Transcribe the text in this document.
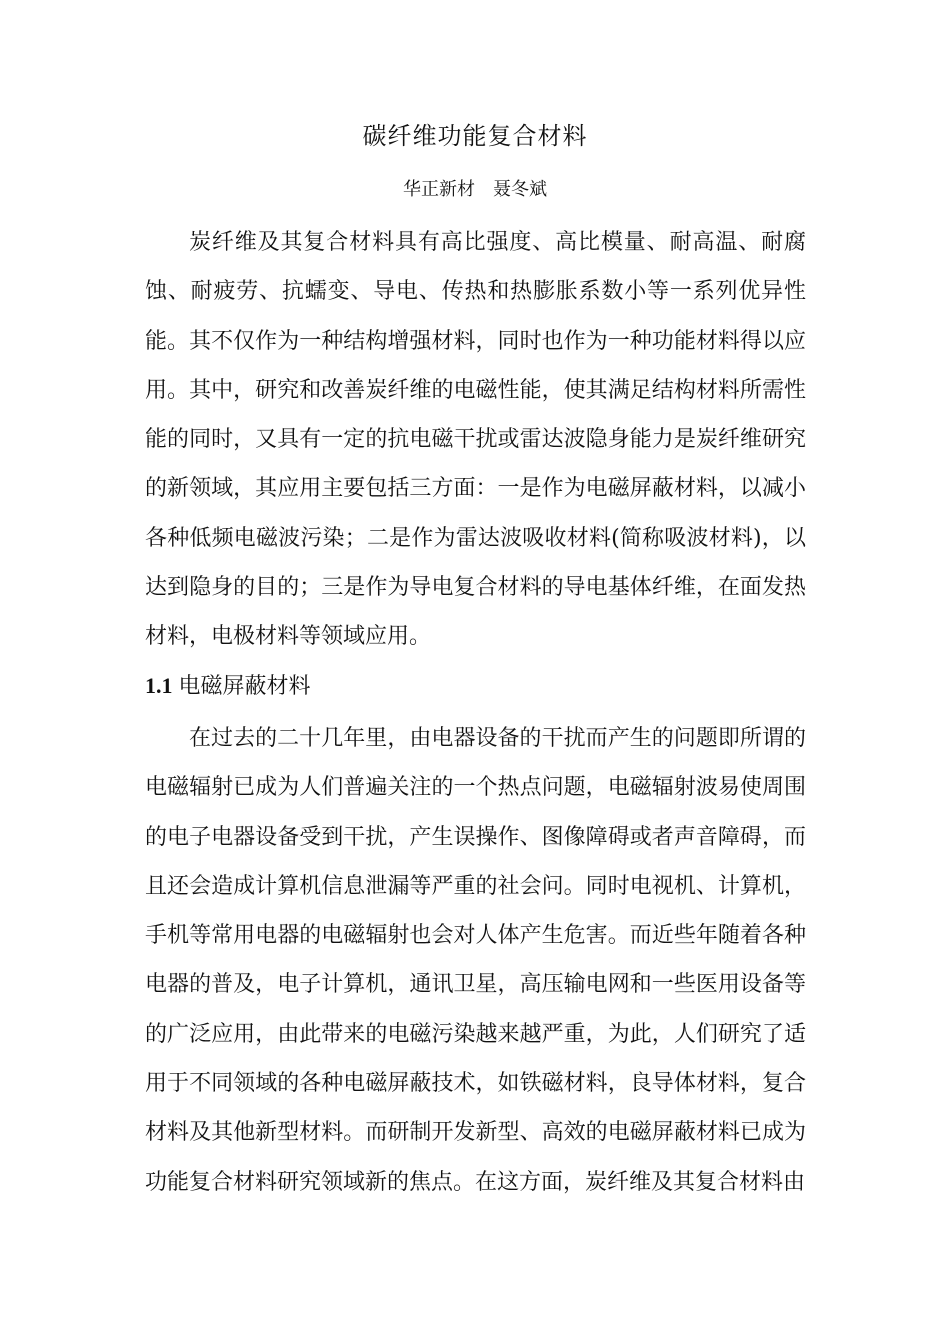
碳纤维功能复合材料
华正新材　聂冬斌

炭纤维及其复合材料具有高比强度、高比模量、耐高温、耐腐蚀、耐疲劳、抗蠕变、导电、传热和热膨胀系数小等一系列优异性能。其不仅作为一种结构增强材料，同时也作为一种功能材料得以应用。其中，研究和改善炭纤维的电磁性能，使其满足结构材料所需性能的同时，又具有一定的抗电磁干扰或雷达波隐身能力是炭纤维研究的新领域，其应用主要包括三方面：一是作为电磁屏蔽材料，以减小各种低频电磁波污染；二是作为雷达波吸收材料(简称吸波材料)，以达到隐身的目的；三是作为导电复合材料的导电基体纤维，在面发热材料，电极材料等领域应用。

1.1 电磁屏蔽材料

在过去的二十几年里，由电器设备的干扰而产生的问题即所谓的电磁辐射已成为人们普遍关注的一个热点问题，电磁辐射波易使周围的电子电器设备受到干扰，产生误操作、图像障碍或者声音障碍，而且还会造成计算机信息泄漏等严重的社会问。同时电视机、计算机，手机等常用电器的电磁辐射也会对人体产生危害。而近些年随着各种电器的普及，电子计算机，通讯卫星，高压输电网和一些医用设备等的广泛应用，由此带来的电磁污染越来越严重，为此，人们研究了适用于不同领域的各种电磁屏蔽技术，如铁磁材料，良导体材料，复合材料及其他新型材料。而研制开发新型、高效的电磁屏蔽材料已成为功能复合材料研究领域新的焦点。在这方面，炭纤维及其复合材料由
